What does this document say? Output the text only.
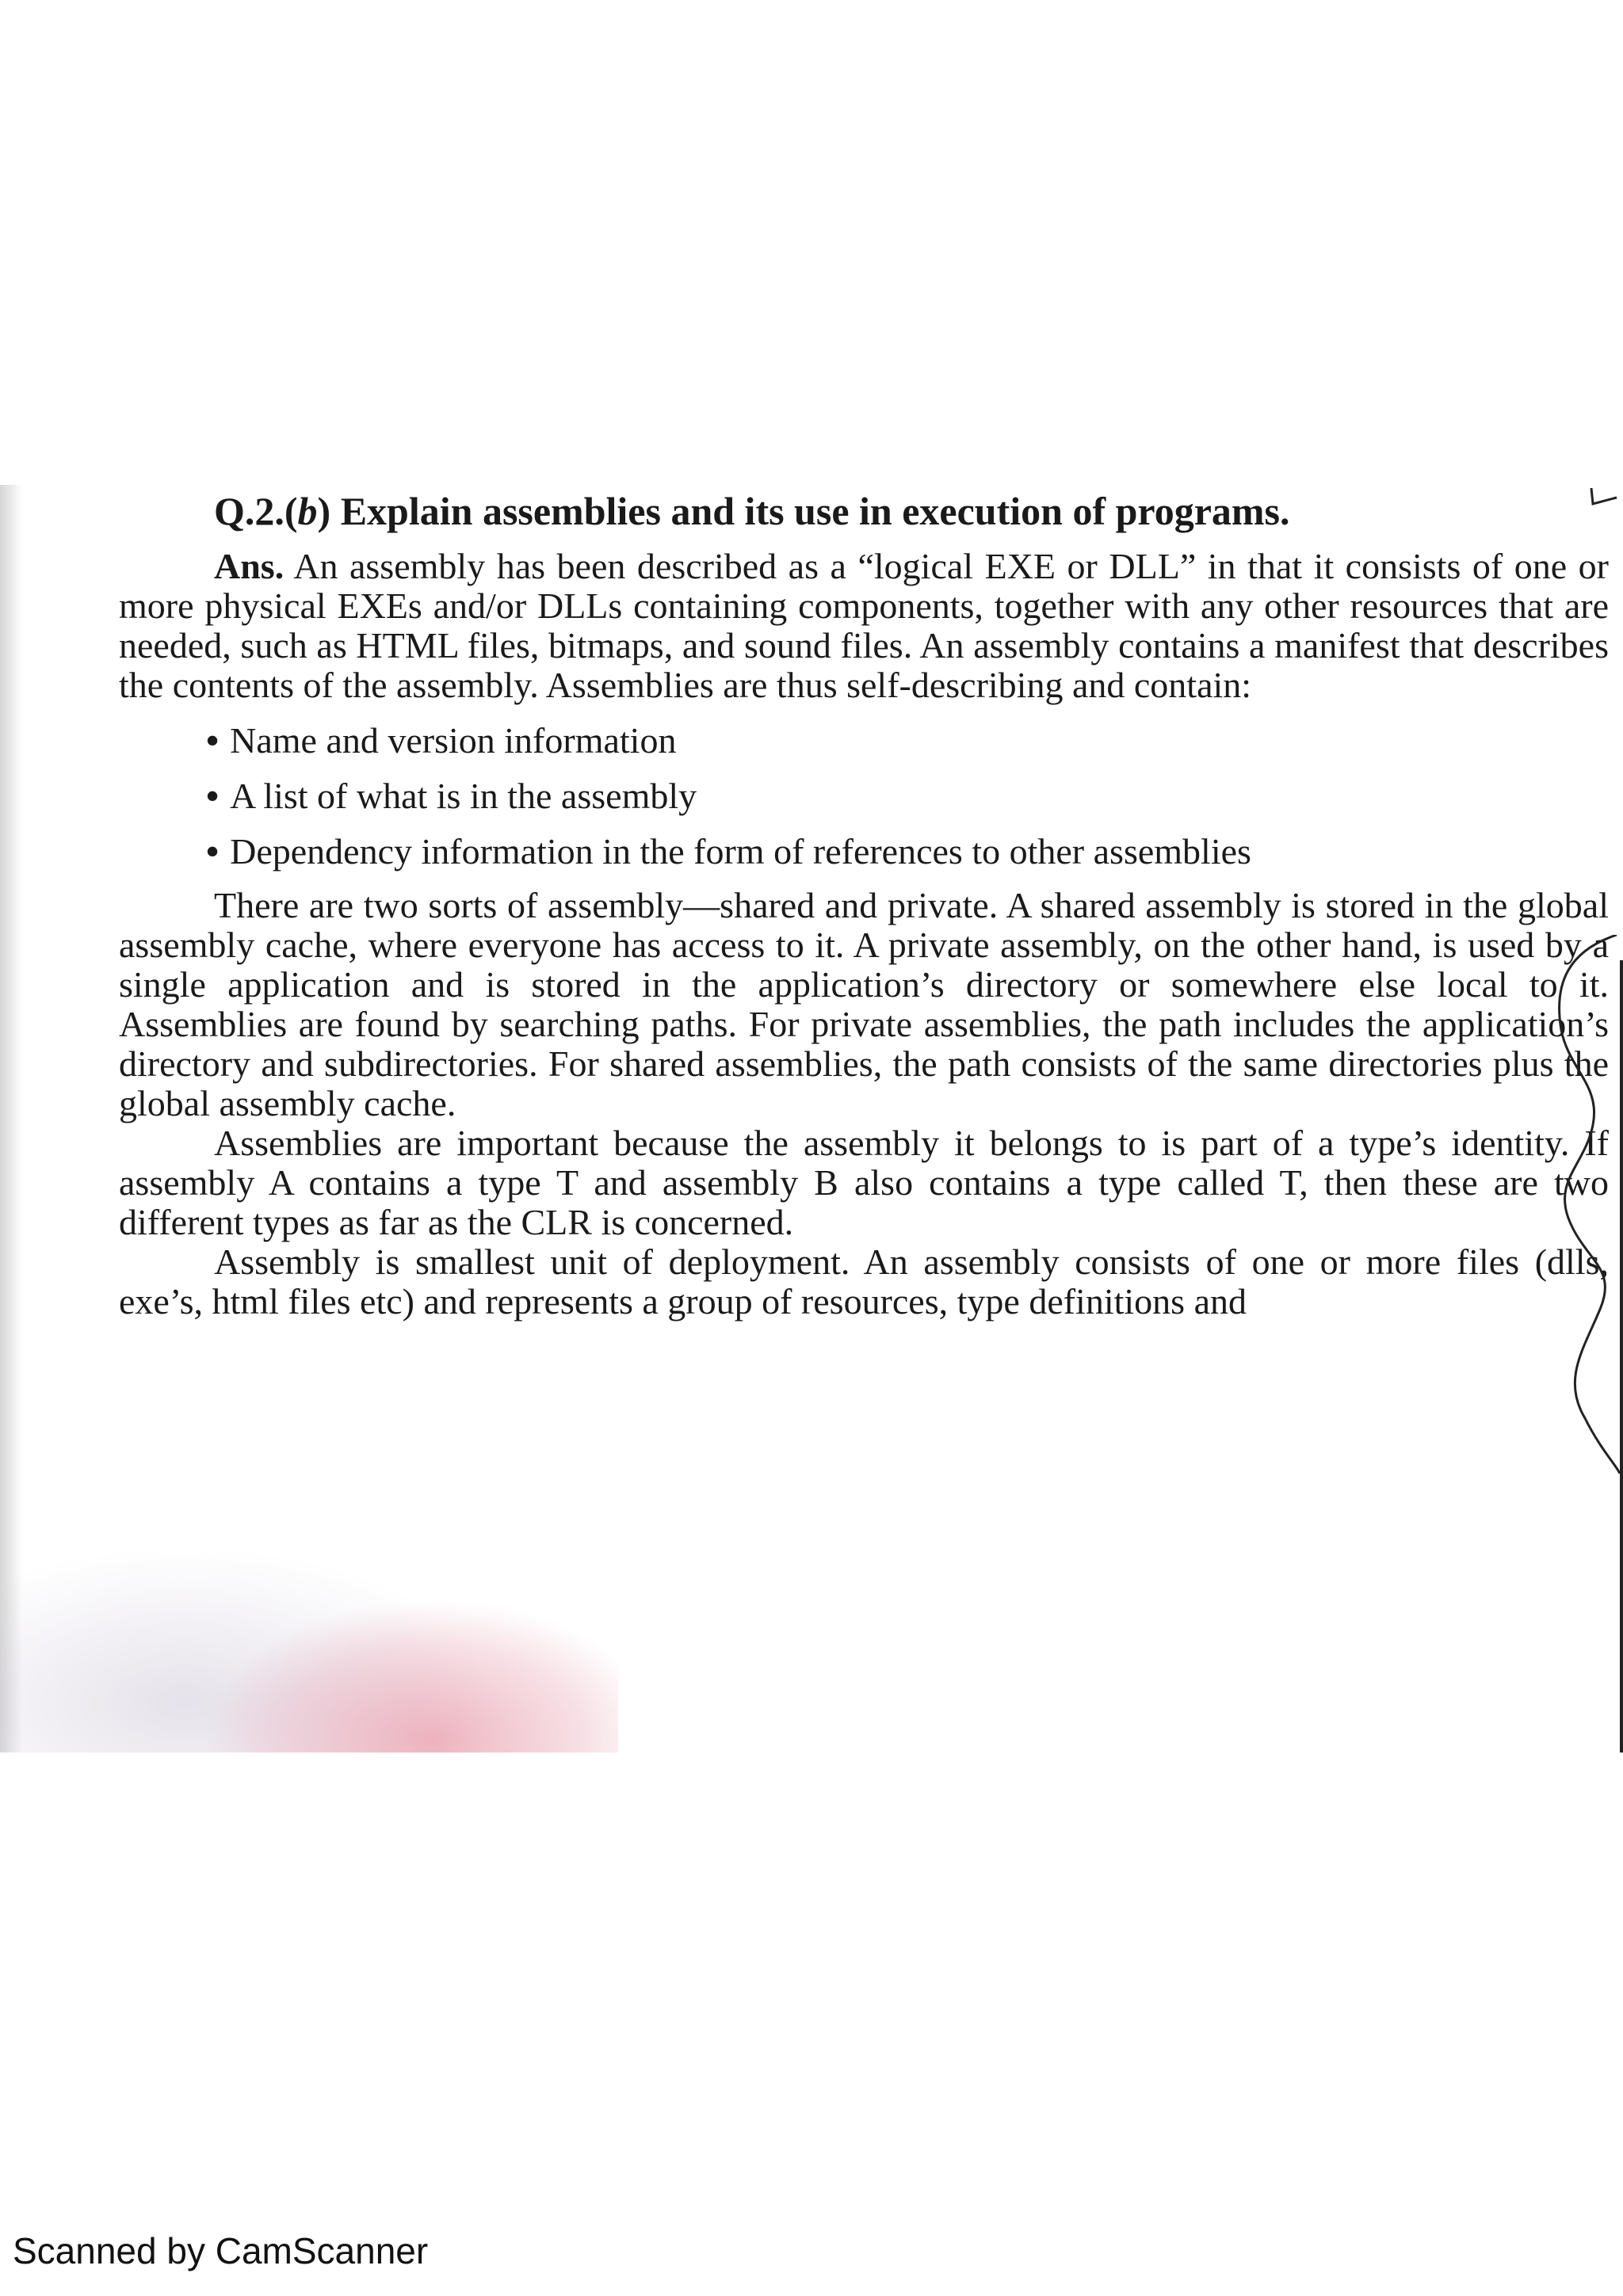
Q.2.(b) Explain assemblies and its use in execution of programs.

Ans. An assembly has been described as a “logical EXE or DLL” in that it consists of one or more physical EXEs and/or DLLs containing components, together with any other resources that are needed, such as HTML files, bitmaps, and sound files. An assembly contains a manifest that describes the contents of the assembly. Assemblies are thus self-describing and contain:

• Name and version information
• A list of what is in the assembly
• Dependency information in the form of references to other assemblies

There are two sorts of assembly—shared and private. A shared assembly is stored in the global assembly cache, where everyone has access to it. A private assembly, on the other hand, is used by a single application and is stored in the application’s directory or somewhere else local to it. Assemblies are found by searching paths. For private assemblies, the path includes the application’s directory and subdirectories. For shared assemblies, the path consists of the same directories plus the global assembly cache.

Assemblies are important because the assembly it belongs to is part of a type’s identity. If assembly A contains a type T and assembly B also contains a type called T, then these are two different types as far as the CLR is concerned.

Assembly is smallest unit of deployment. An assembly consists of one or more files (dlls, exe’s, html files etc) and represents a group of resources, type definitions and

Scanned by CamScanner
